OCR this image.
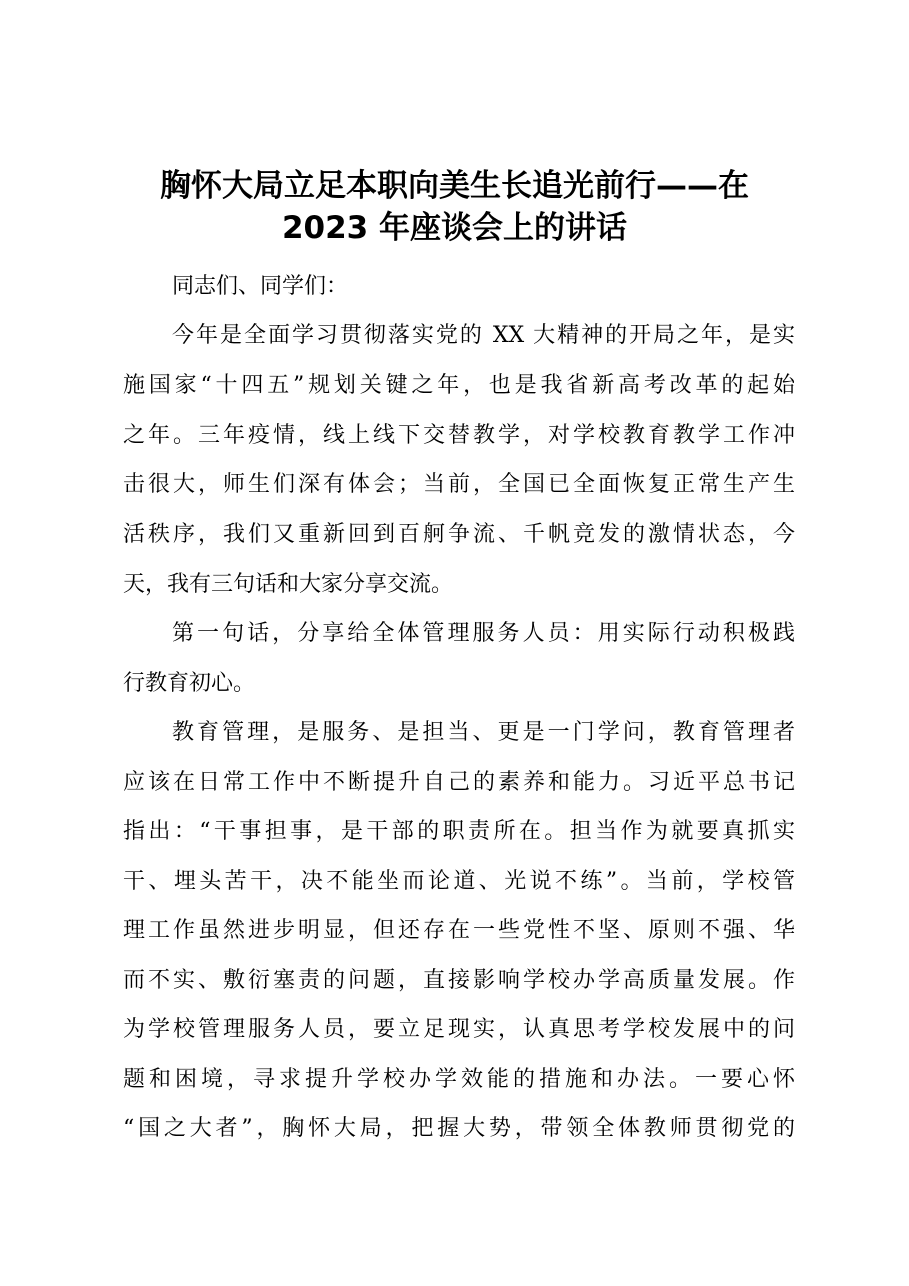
胸怀大局立足本职向美生长追光前行——在
2023 年座谈会上的讲话
同志们、同学们：
今年是全面学习贯彻落实党的 XX 大精神的开局之年，是实
施国家“十四五”规划关键之年，也是我省新高考改革的起始
之年。三年疫情，线上线下交替教学，对学校教育教学工作冲
击很大，师生们深有体会；当前，全国已全面恢复正常生产生
活秩序，我们又重新回到百舸争流、千帆竞发的激情状态，今
天，我有三句话和大家分享交流。
第一句话，分享给全体管理服务人员：用实际行动积极践
行教育初心。
教育管理，是服务、是担当、更是一门学问，教育管理者
应该在日常工作中不断提升自己的素养和能力。习近平总书记
指出：“干事担事，是干部的职责所在。担当作为就要真抓实
干、埋头苦干，决不能坐而论道、光说不练”。当前，学校管
理工作虽然进步明显，但还存在一些党性不坚、原则不强、华
而不实、敷衍塞责的问题，直接影响学校办学高质量发展。作
为学校管理服务人员，要立足现实，认真思考学校发展中的问
题和困境，寻求提升学校办学效能的措施和办法。一要心怀
“国之大者”，胸怀大局，把握大势，带领全体教师贯彻党的
